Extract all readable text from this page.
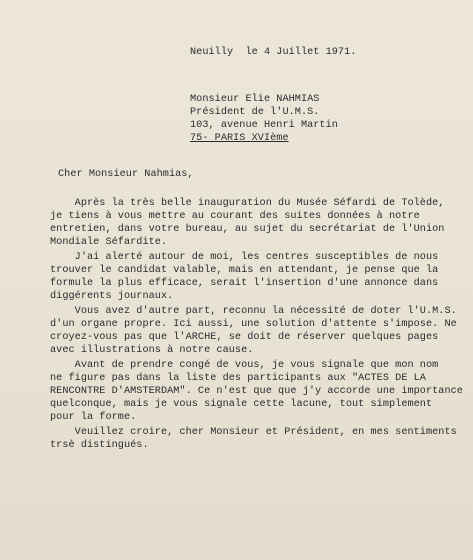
Neuilly  le 4 Juillet 1971.
Monsieur Elie NAHMIAS
Président de l'U.M.S.
103, avenue Henri Martin
75- PARIS XVIème
Cher Monsieur Nahmias,
Après la très belle inauguration du Musée Séfardi de Tolède,
je tiens à vous mettre au courant des suites données à notre
entretien, dans votre bureau, au sujet du secrétariat de l'Union
Mondiale Séfardite.
J'ai alerté autour de moi, les centres susceptibles de nous
trouver le candidat valable, mais en attendant, je pense que la
formule la plus efficace, serait l'insertion d'une annonce dans
diggérents journaux.
Vous avez d'autre part, reconnu la nécessité de doter l'U.M.S.
d'un organe propre. Ici aussi, une solution d'attente s'impose. Ne
croyez-vous pas que l'ARCHE, se doit de réserver quelques pages
avec illustrations à notre cause.
Avant de prendre congé de vous, je vous signale que mon nom
ne figure pas dans la liste des participants aux "ACTES DE LA
RENCONTRE D'AMSTERDAM". Ce n'est que que j'y accorde une importance
quelconque, mais je vous signale cette lacune, tout simplement
pour la forme.
Veuillez croire, cher Monsieur et Président, en mes sentiments
trsè distingués.
